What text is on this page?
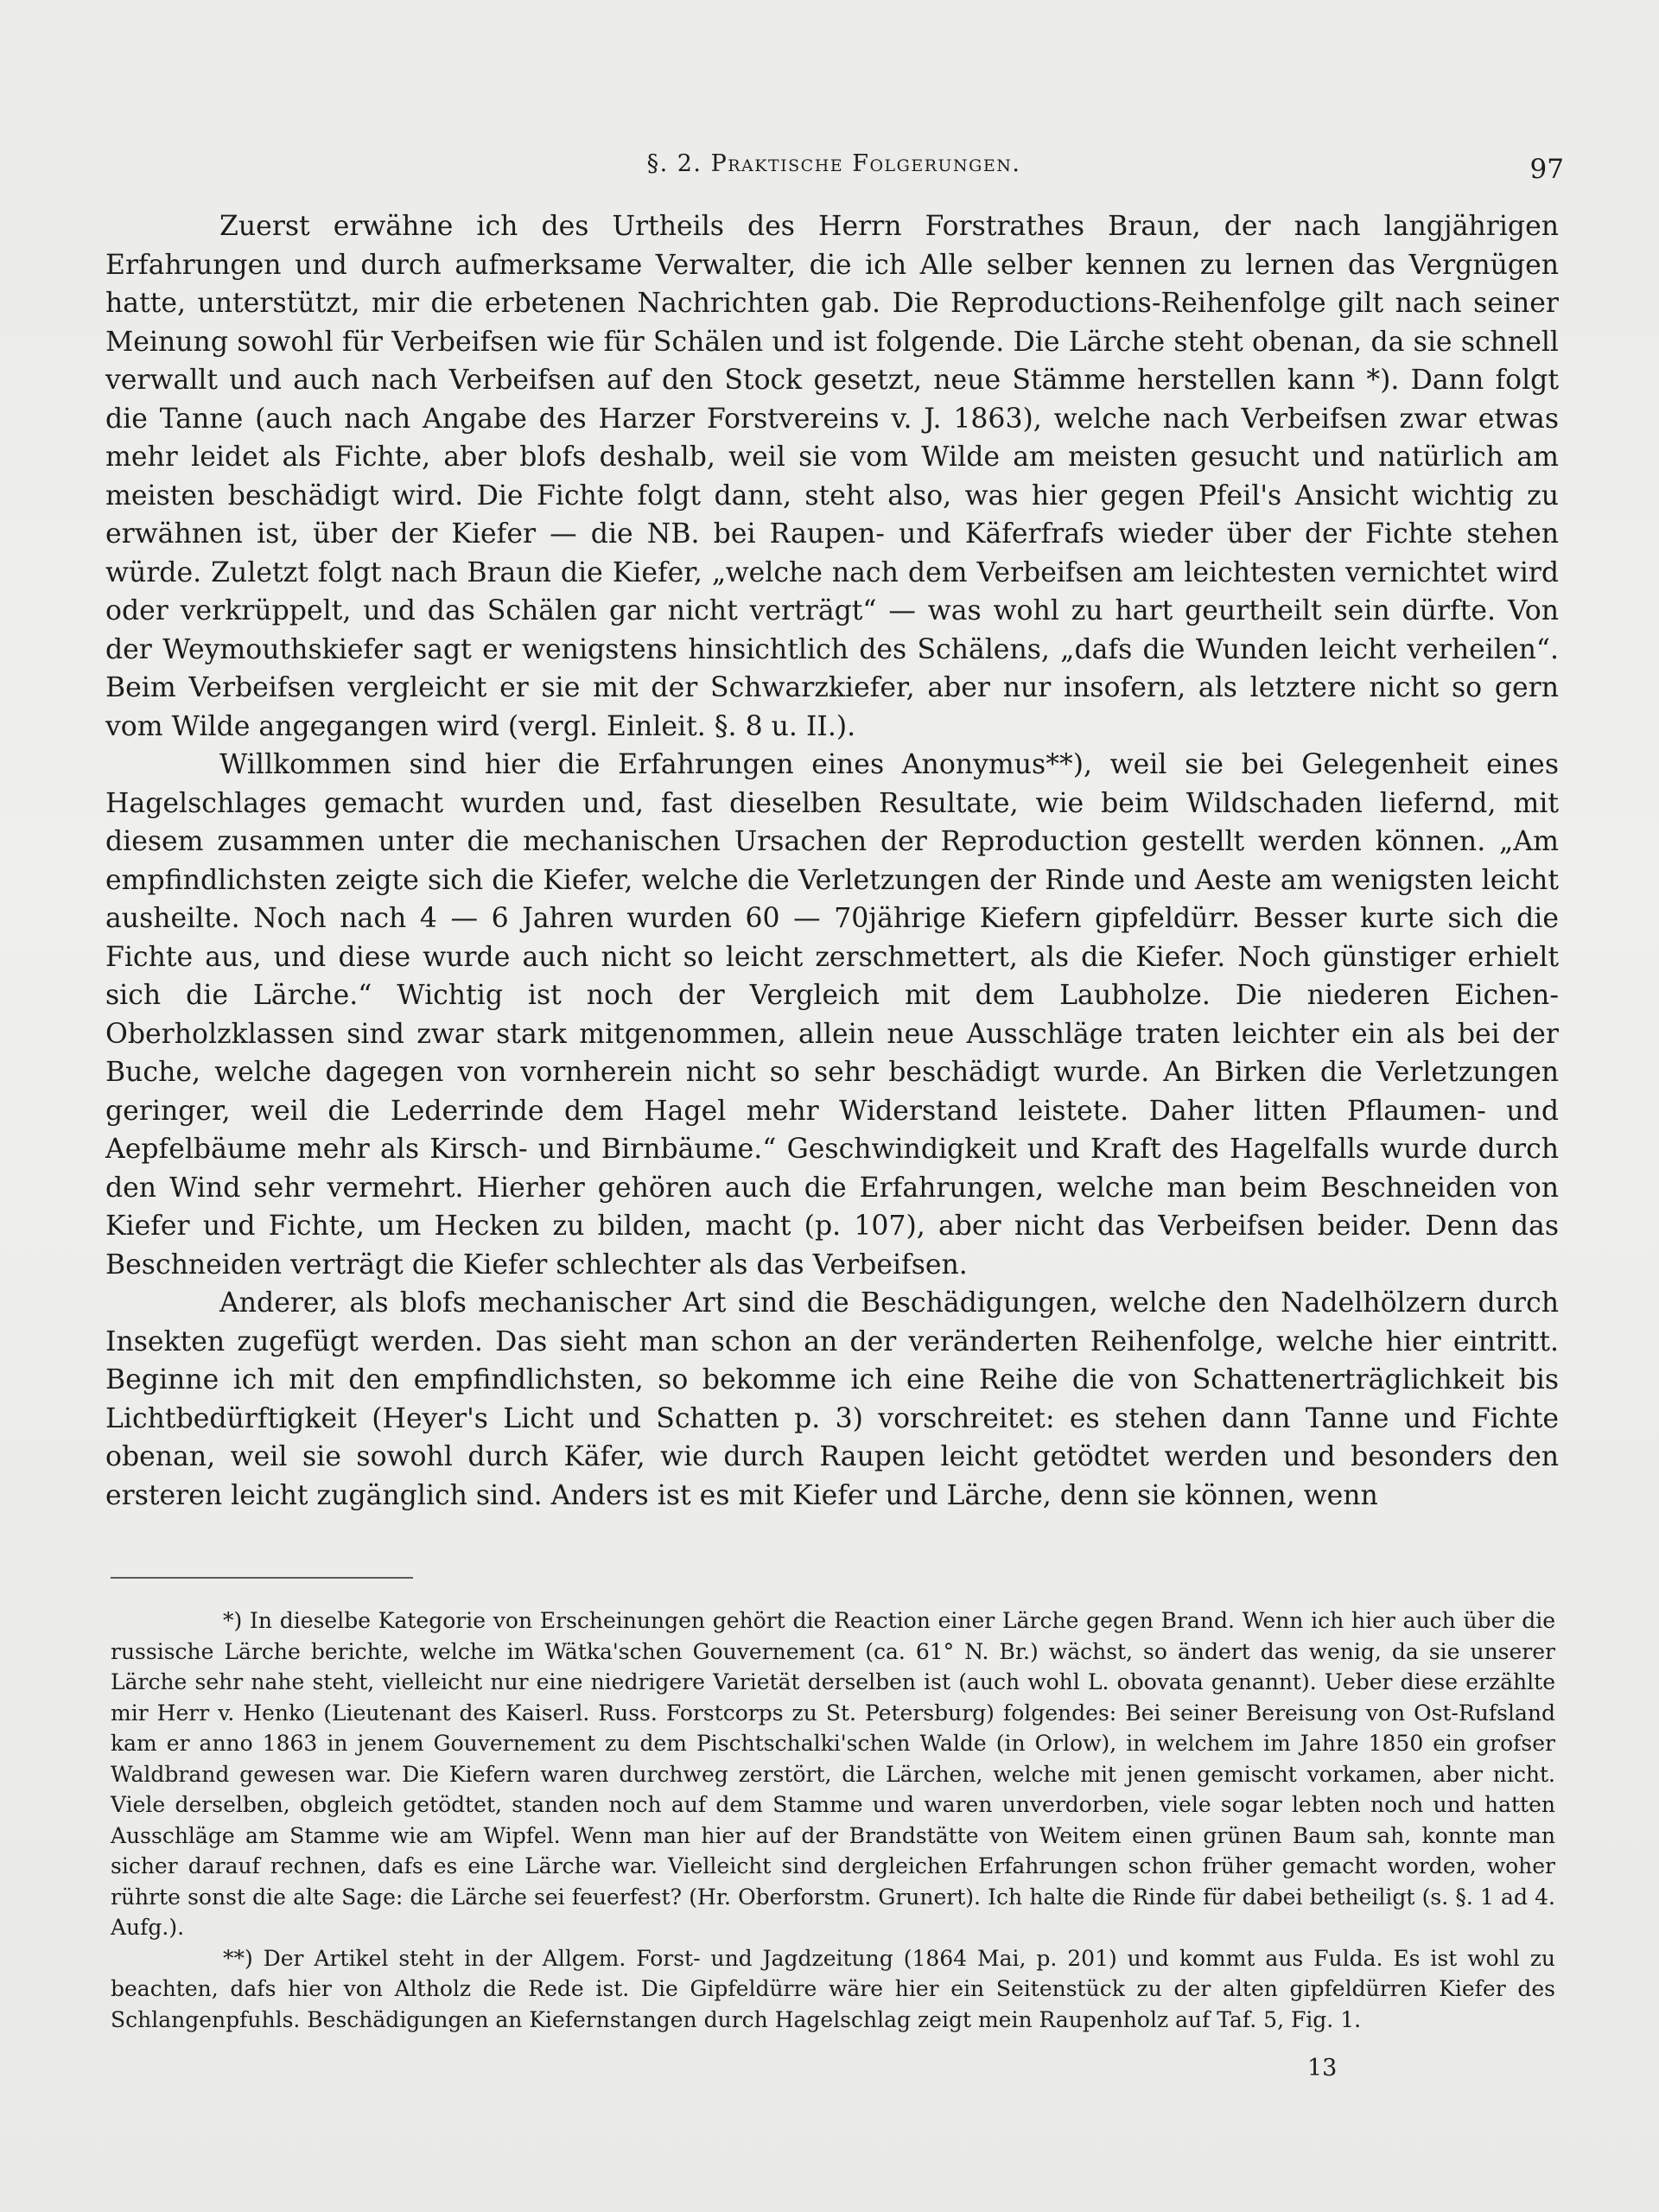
§. 2. Praktische Folgerungen.	97

Zuerst erwähne ich des Urtheils des Herrn Forstrathes Braun, der nach langjährigen Erfahrungen und durch aufmerksame Verwalter, die ich Alle selber kennen zu lernen das Vergnügen hatte, unterstützt, mir die erbetenen Nachrichten gab. Die Reproductions-Reihenfolge gilt nach seiner Meinung sowohl für Verbeifsen wie für Schälen und ist folgende. Die Lärche steht obenan, da sie schnell verwallt und auch nach Verbeifsen auf den Stock gesetzt, neue Stämme herstellen kann *). Dann folgt die Tanne (auch nach Angabe des Harzer Forstvereins v. J. 1863), welche nach Verbeifsen zwar etwas mehr leidet als Fichte, aber blofs deshalb, weil sie vom Wilde am meisten gesucht und natürlich am meisten beschädigt wird. Die Fichte folgt dann, steht also, was hier gegen Pfeil's Ansicht wichtig zu erwähnen ist, über der Kiefer — die NB. bei Raupen- und Käferfrafs wieder über der Fichte stehen würde. Zuletzt folgt nach Braun die Kiefer, „welche nach dem Verbeifsen am leichtesten vernichtet wird oder verkrüppelt, und das Schälen gar nicht verträgt“ — was wohl zu hart geurtheilt sein dürfte. Von der Weymouthskiefer sagt er wenigstens hinsichtlich des Schälens, „dafs die Wunden leicht verheilen“. Beim Verbeifsen vergleicht er sie mit der Schwarzkiefer, aber nur insofern, als letztere nicht so gern vom Wilde angegangen wird (vergl. Einleit. §. 8 u. II.).

Willkommen sind hier die Erfahrungen eines Anonymus**), weil sie bei Gelegenheit eines Hagelschlages gemacht wurden und, fast dieselben Resultate, wie beim Wildschaden liefernd, mit diesem zusammen unter die mechanischen Ursachen der Reproduction gestellt werden können. „Am empfindlichsten zeigte sich die Kiefer, welche die Verletzungen der Rinde und Aeste am wenigsten leicht ausheilte. Noch nach 4 — 6 Jahren wurden 60 — 70jährige Kiefern gipfeldürr. Besser kurte sich die Fichte aus, und diese wurde auch nicht so leicht zerschmettert, als die Kiefer. Noch günstiger erhielt sich die Lärche.“ Wichtig ist noch der Vergleich mit dem Laubholze. Die niederen Eichen-Oberholzklassen sind zwar stark mitgenommen, allein neue Ausschläge traten leichter ein als bei der Buche, welche dagegen von vornherein nicht so sehr beschädigt wurde. An Birken die Verletzungen geringer, weil die Lederrinde dem Hagel mehr Widerstand leistete. Daher litten Pflaumen- und Aepfelbäume mehr als Kirsch- und Birnbäume.“ Geschwindigkeit und Kraft des Hagelfalls wurde durch den Wind sehr vermehrt. Hierher gehören auch die Erfahrungen, welche man beim Beschneiden von Kiefer und Fichte, um Hecken zu bilden, macht (p. 107), aber nicht das Verbeifsen beider. Denn das Beschneiden verträgt die Kiefer schlechter als das Verbeifsen.

Anderer, als blofs mechanischer Art sind die Beschädigungen, welche den Nadelhölzern durch Insekten zugefügt werden. Das sieht man schon an der veränderten Reihenfolge, welche hier eintritt. Beginne ich mit den empfindlichsten, so bekomme ich eine Reihe die von Schattenerträglichkeit bis Lichtbedürftigkeit (Heyer's Licht und Schatten p. 3) vorschreitet: es stehen dann Tanne und Fichte obenan, weil sie sowohl durch Käfer, wie durch Raupen leicht getödtet werden und besonders den ersteren leicht zugänglich sind. Anders ist es mit Kiefer und Lärche, denn sie können, wenn

*) In dieselbe Kategorie von Erscheinungen gehört die Reaction einer Lärche gegen Brand. Wenn ich hier auch über die russische Lärche berichte, welche im Wätka'schen Gouvernement (ca. 61° N. Br.) wächst, so ändert das wenig, da sie unserer Lärche sehr nahe steht, vielleicht nur eine niedrigere Varietät derselben ist (auch wohl L. obovata genannt). Ueber diese erzählte mir Herr v. Henko (Lieutenant des Kaiserl. Russ. Forstcorps zu St. Petersburg) folgendes: Bei seiner Bereisung von Ost-Rufsland kam er anno 1863 in jenem Gouvernement zu dem Pischtschalki'schen Walde (in Orlow), in welchem im Jahre 1850 ein grofser Waldbrand gewesen war. Die Kiefern waren durchweg zerstört, die Lärchen, welche mit jenen gemischt vorkamen, aber nicht. Viele derselben, obgleich getödtet, standen noch auf dem Stamme und waren unverdorben, viele sogar lebten noch und hatten Ausschläge am Stamme wie am Wipfel. Wenn man hier auf der Brandstätte von Weitem einen grünen Baum sah, konnte man sicher darauf rechnen, dafs es eine Lärche war. Vielleicht sind dergleichen Erfahrungen schon früher gemacht worden, woher rührte sonst die alte Sage: die Lärche sei feuerfest? (Hr. Oberforstm. Grunert). Ich halte die Rinde für dabei betheiligt (s. §. 1 ad 4. Aufg.).

**) Der Artikel steht in der Allgem. Forst- und Jagdzeitung (1864 Mai, p. 201) und kommt aus Fulda. Es ist wohl zu beachten, dafs hier von Altholz die Rede ist. Die Gipfeldürre wäre hier ein Seitenstück zu der alten gipfeldürren Kiefer des Schlangenpfuhls. Beschädigungen an Kiefernstangen durch Hagelschlag zeigt mein Raupenholz auf Taf. 5, Fig. 1.

13
